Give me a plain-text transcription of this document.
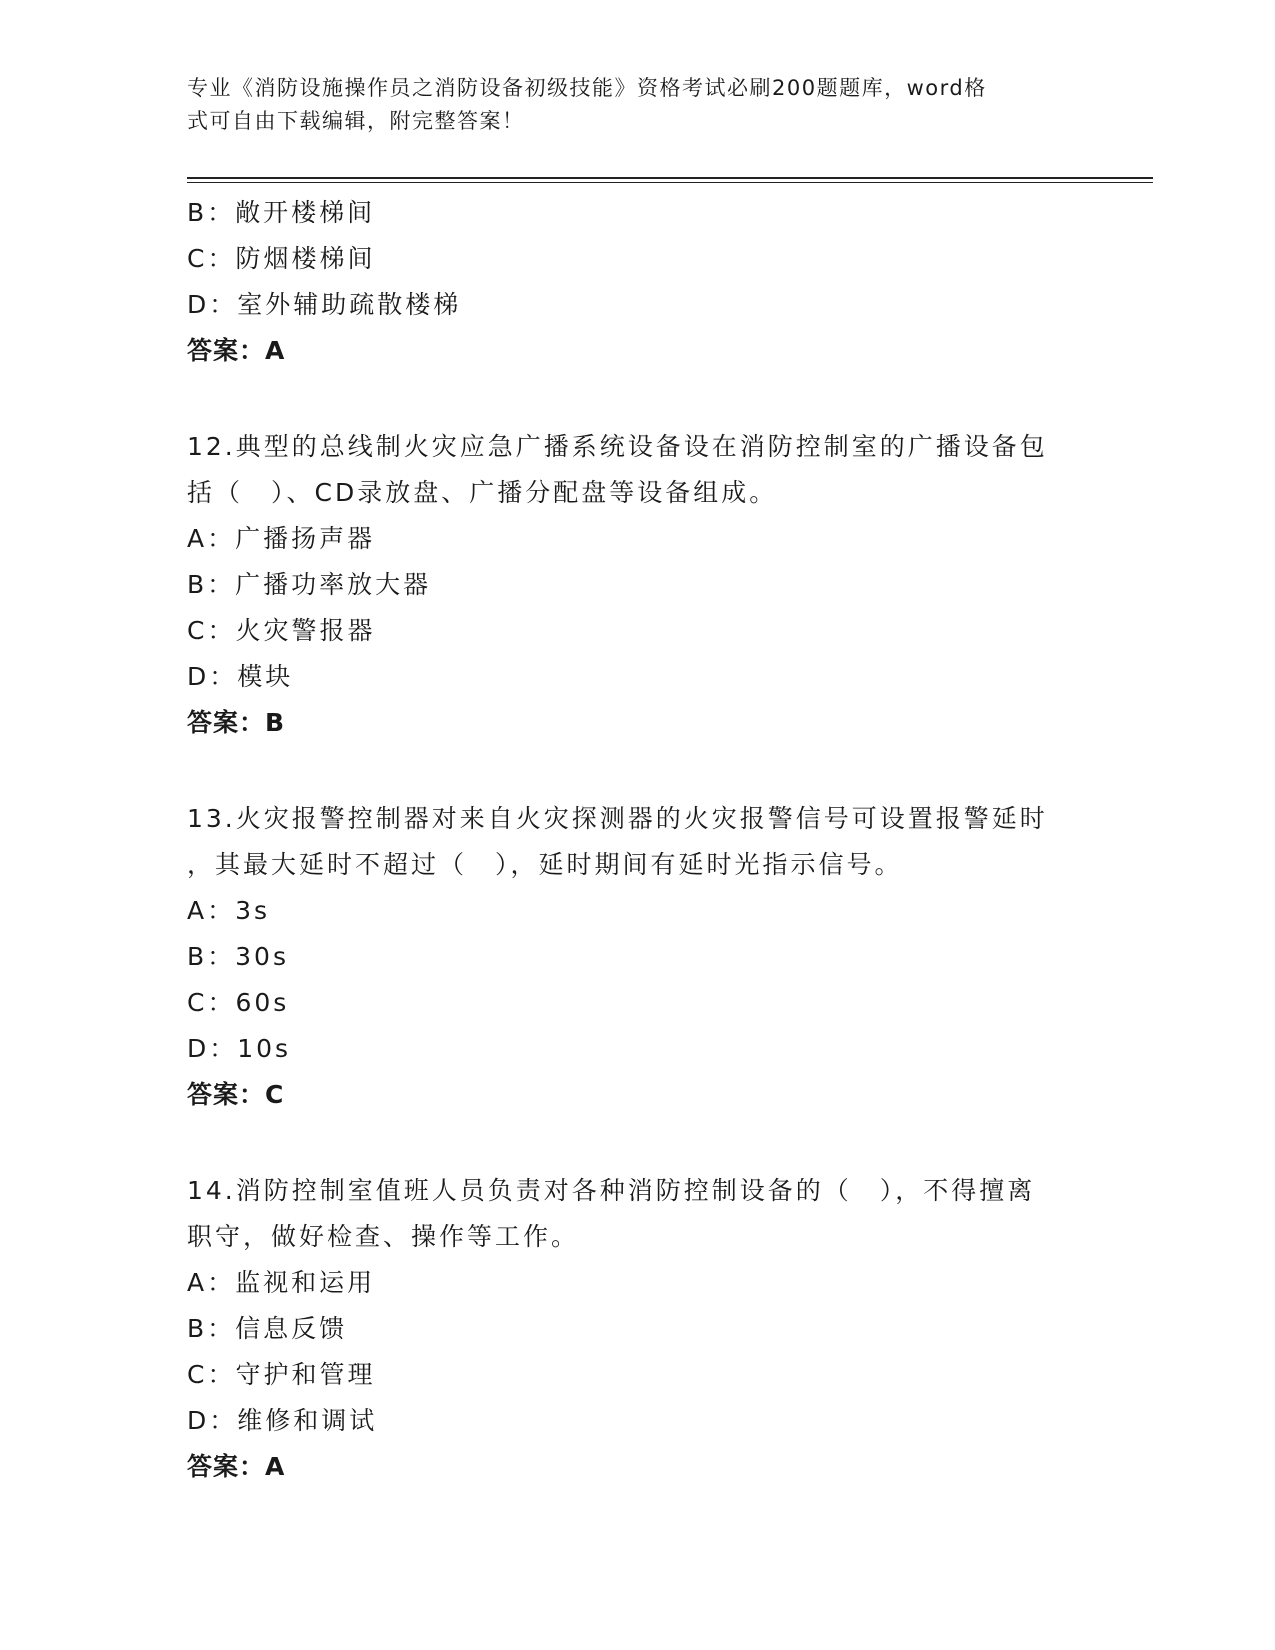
专业《消防设施操作员之消防设备初级技能》资格考试必刷200题题库，word格
式可自由下载编辑，附完整答案！
B：敞开楼梯间
C：防烟楼梯间
D：室外辅助疏散楼梯
答案：A
12.典型的总线制火灾应急广播系统设备设在消防控制室的广播设备包
括（　）、CD录放盘、广播分配盘等设备组成。
A：广播扬声器
B：广播功率放大器
C：火灾警报器
D：模块
答案：B
13.火灾报警控制器对来自火灾探测器的火灾报警信号可设置报警延时
，其最大延时不超过（　），延时期间有延时光指示信号。
A：3s
B：30s
C：60s
D：10s
答案：C
14.消防控制室值班人员负责对各种消防控制设备的（　），不得擅离
职守，做好检查、操作等工作。
A：监视和运用
B：信息反馈
C：守护和管理
D：维修和调试
答案：A
